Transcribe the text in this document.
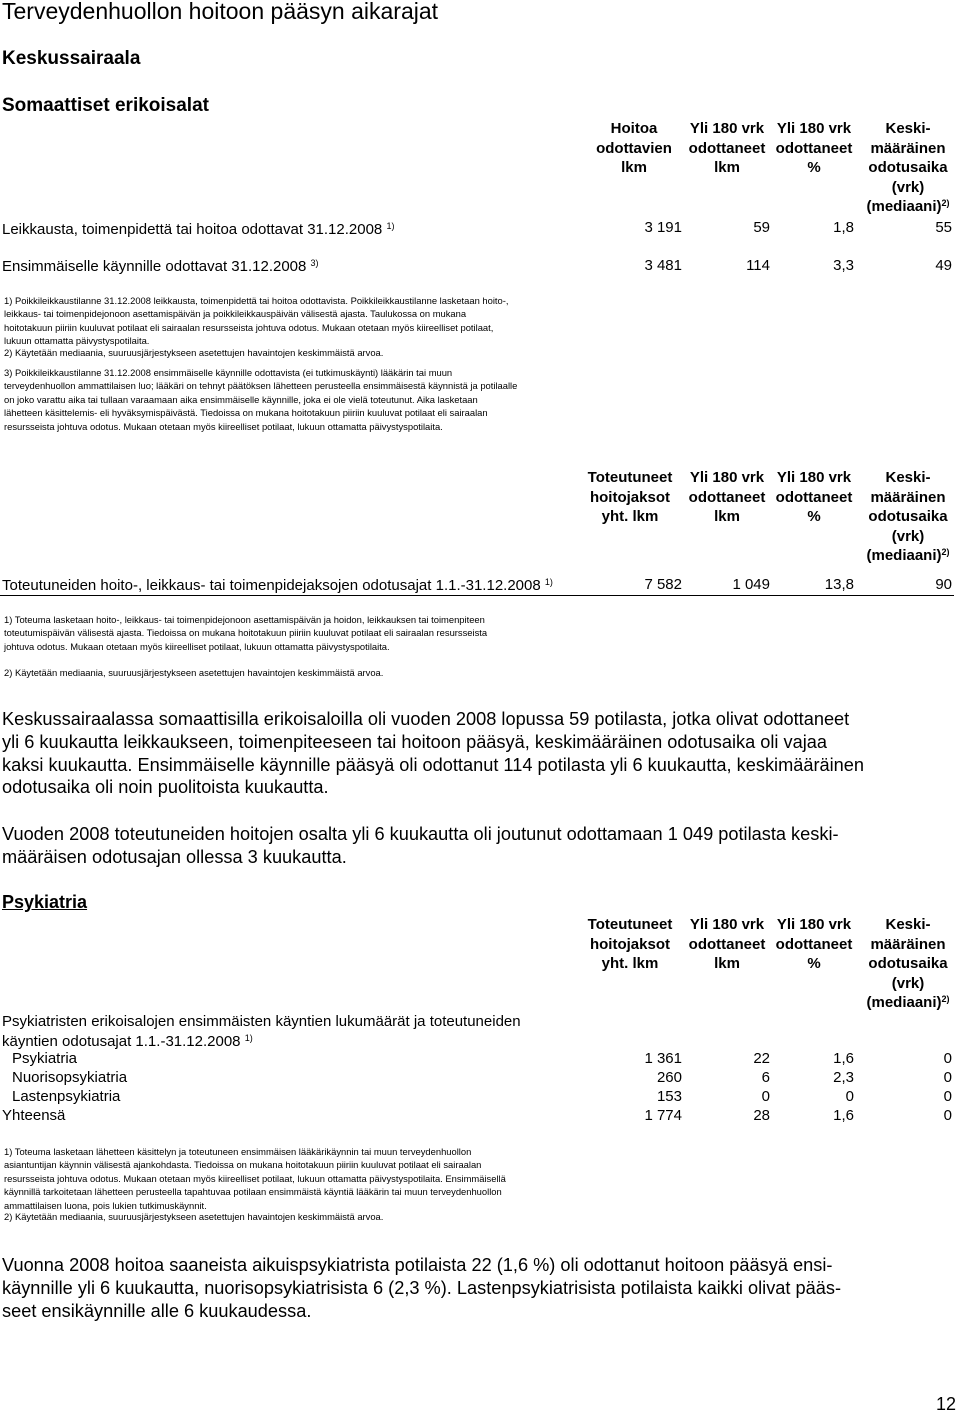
Terveydenhuollon hoitoon pääsyn aikarajat
Keskussairaala
Somaattiset erikoisalat
Hoitoa
odottavien
lkm
Yli 180 vrk
odottaneet
lkm
Yli 180 vrk
odottaneet
%
Keski-
määräinen
odotusaika
(vrk)
(mediaani)$^{2)}$
Leikkausta, toimenpidettä tai hoitoa odottavat 31.12.2008 $^{1)}$	3 191	59	1,8	55
Ensimmäiselle käynnille odottavat 31.12.2008 $^{3)}$	3 481	114	3,3	49
1) Poikkileikkaustilanne 31.12.2008 leikkausta, toimenpidettä tai hoitoa odottavista. Poikkileikkaustilanne lasketaan hoito-,
leikkaus- tai toimenpidejonoon asettamispäivän ja poikkileikkauspäivän välisestä ajasta. Taulukossa on mukana
hoitotakuun piiriin kuuluvat potilaat eli sairaalan resursseista johtuva odotus. Mukaan otetaan myös kiireelliset potilaat,
lukuun ottamatta päivystyspotilaita.
2) Käytetään mediaania, suuruusjärjestykseen asetettujen havaintojen keskimmäistä arvoa.
3) Poikkileikkaustilanne 31.12.2008 ensimmäiselle käynnille odottavista (ei tutkimuskäynti) lääkärin tai muun
terveydenhuollon ammattilaisen luo; lääkäri on tehnyt päätöksen lähetteen perusteella ensimmäisestä käynnistä ja potilaalle
on joko varattu aika tai tullaan varaamaan aika ensimmäiselle käynnille, joka ei ole vielä toteutunut. Aika lasketaan
lähetteen käsittelemis- eli hyväksymispäivästä. Tiedoissa on mukana hoitotakuun piiriin kuuluvat potilaat eli sairaalan
resursseista johtuva odotus. Mukaan otetaan myös kiireelliset potilaat, lukuun ottamatta päivystyspotilaita.
Toteutuneet
hoitojaksot
yht. lkm
Yli 180 vrk
odottaneet
lkm
Yli 180 vrk
odottaneet
%
Keski-
määräinen
odotusaika
(vrk)
(mediaani)$^{2)}$
Toteutuneiden hoito-, leikkaus- tai toimenpidejaksojen odotusajat 1.1.-31.12.2008 $^{1)}$	7 582	1 049	13,8	90
1) Toteuma lasketaan hoito-, leikkaus- tai toimenpidejonoon asettamispäivän ja hoidon, leikkauksen tai toimenpiteen
toteutumispäivän välisestä ajasta. Tiedoissa on mukana hoitotakuun piiriin kuuluvat potilaat eli sairaalan resursseista
johtuva odotus. Mukaan otetaan myös kiireelliset potilaat, lukuun ottamatta päivystyspotilaita.
2) Käytetään mediaania, suuruusjärjestykseen asetettujen havaintojen keskimmäistä arvoa.
Keskussairaalassa somaattisilla erikoisaloilla oli vuoden 2008 lopussa 59 potilasta, jotka olivat odottaneet
yli 6 kuukautta leikkaukseen, toimenpiteeseen tai hoitoon pääsyä, keskimääräinen odotusaika oli vajaa
kaksi kuukautta. Ensimmäiselle käynnille pääsyä oli odottanut 114 potilasta yli 6 kuukautta, keskimääräinen
odotusaika oli noin puolitoista kuukautta.
Vuoden 2008 toteutuneiden hoitojen osalta yli 6 kuukautta oli joutunut odottamaan 1 049 potilasta keski-
määräisen odotusajan ollessa 3 kuukautta.
Psykiatria
Toteutuneet
hoitojaksot
yht. lkm
Yli 180 vrk
odottaneet
lkm
Yli 180 vrk
odottaneet
%
Keski-
määräinen
odotusaika
(vrk)
(mediaani)$^{2)}$
Psykiatristen erikoisalojen ensimmäisten käyntien lukumäärät ja toteutuneiden
käyntien odotusajat 1.1.-31.12.2008 $^{1)}$
Psykiatria	1 361	22	1,6	0
Nuorisopsykiatria	260	6	2,3	0
Lastenpsykiatria	153	0	0	0
Yhteensä	1 774	28	1,6	0
1) Toteuma lasketaan lähetteen käsittelyn ja toteutuneen ensimmäisen lääkärikäynnin tai muun terveydenhuollon
asiantuntijan käynnin välisestä ajankohdasta. Tiedoissa on mukana hoitotakuun piiriin kuuluvat potilaat eli sairaalan
resursseista johtuva odotus. Mukaan otetaan myös kiireelliset potilaat, lukuun ottamatta päivystyspotilaita. Ensimmäisellä
käynnillä tarkoitetaan lähetteen perusteella tapahtuvaa potilaan ensimmäistä käyntiä lääkärin tai muun terveydenhuollon
ammattilaisen luona, pois lukien tutkimuskäynnit.
2) Käytetään mediaania, suuruusjärjestykseen asetettujen havaintojen keskimmäistä arvoa.
Vuonna 2008 hoitoa saaneista aikuispsykiatrista potilaista 22 (1,6 %) oli odottanut hoitoon pääsyä ensi-
käynnille yli 6 kuukautta, nuorisopsykiatrisista 6 (2,3 %). Lastenpsykiatrisista potilaista kaikki olivat pääs-
seet ensikäynnille alle 6 kuukaudessa.
12
